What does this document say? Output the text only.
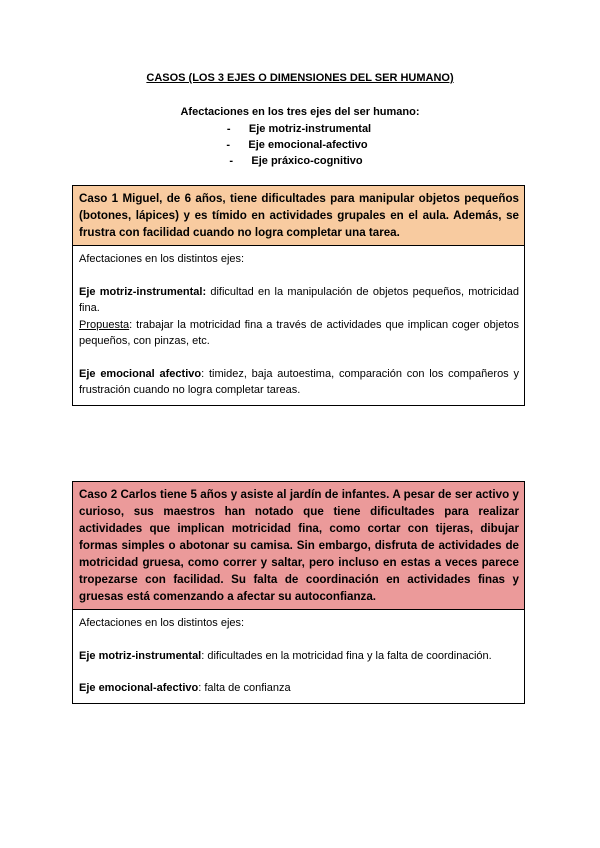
CASOS (LOS 3 EJES O DIMENSIONES DEL SER HUMANO)
Afectaciones en los tres ejes del ser humano:
- Eje motriz-instrumental
- Eje emocional-afectivo
- Eje práxico-cognitivo
Caso 1 Miguel, de 6 años, tiene dificultades para manipular objetos pequeños (botones, lápices) y es tímido en actividades grupales en el aula. Además, se frustra con facilidad cuando no logra completar una tarea.

Afectaciones en los distintos ejes:

Eje motriz-instrumental: dificultad en la manipulación de objetos pequeños, motricidad fina.

Propuesta: trabajar la motricidad fina a través de actividades que implican coger objetos pequeños, con pinzas, etc.

Eje emocional afectivo: timidez, baja autoestima, comparación con los compañeros y frustración cuando no logra completar tareas.

Caso 2 Carlos tiene 5 años y asiste al jardín de infantes. A pesar de ser activo y curioso, sus maestros han notado que tiene dificultades para realizar actividades que implican motricidad fina, como cortar con tijeras, dibujar formas simples o abotonar su camisa. Sin embargo, disfruta de actividades de motricidad gruesa, como correr y saltar, pero incluso en estas a veces parece tropezarse con facilidad. Su falta de coordinación en actividades finas y gruesas está comenzando a afectar su autoconfianza.

Afectaciones en los distintos ejes:

Eje motriz-instrumental: dificultades en la motricidad fina y la falta de coordinación.

Eje emocional-afectivo: falta de confianza
